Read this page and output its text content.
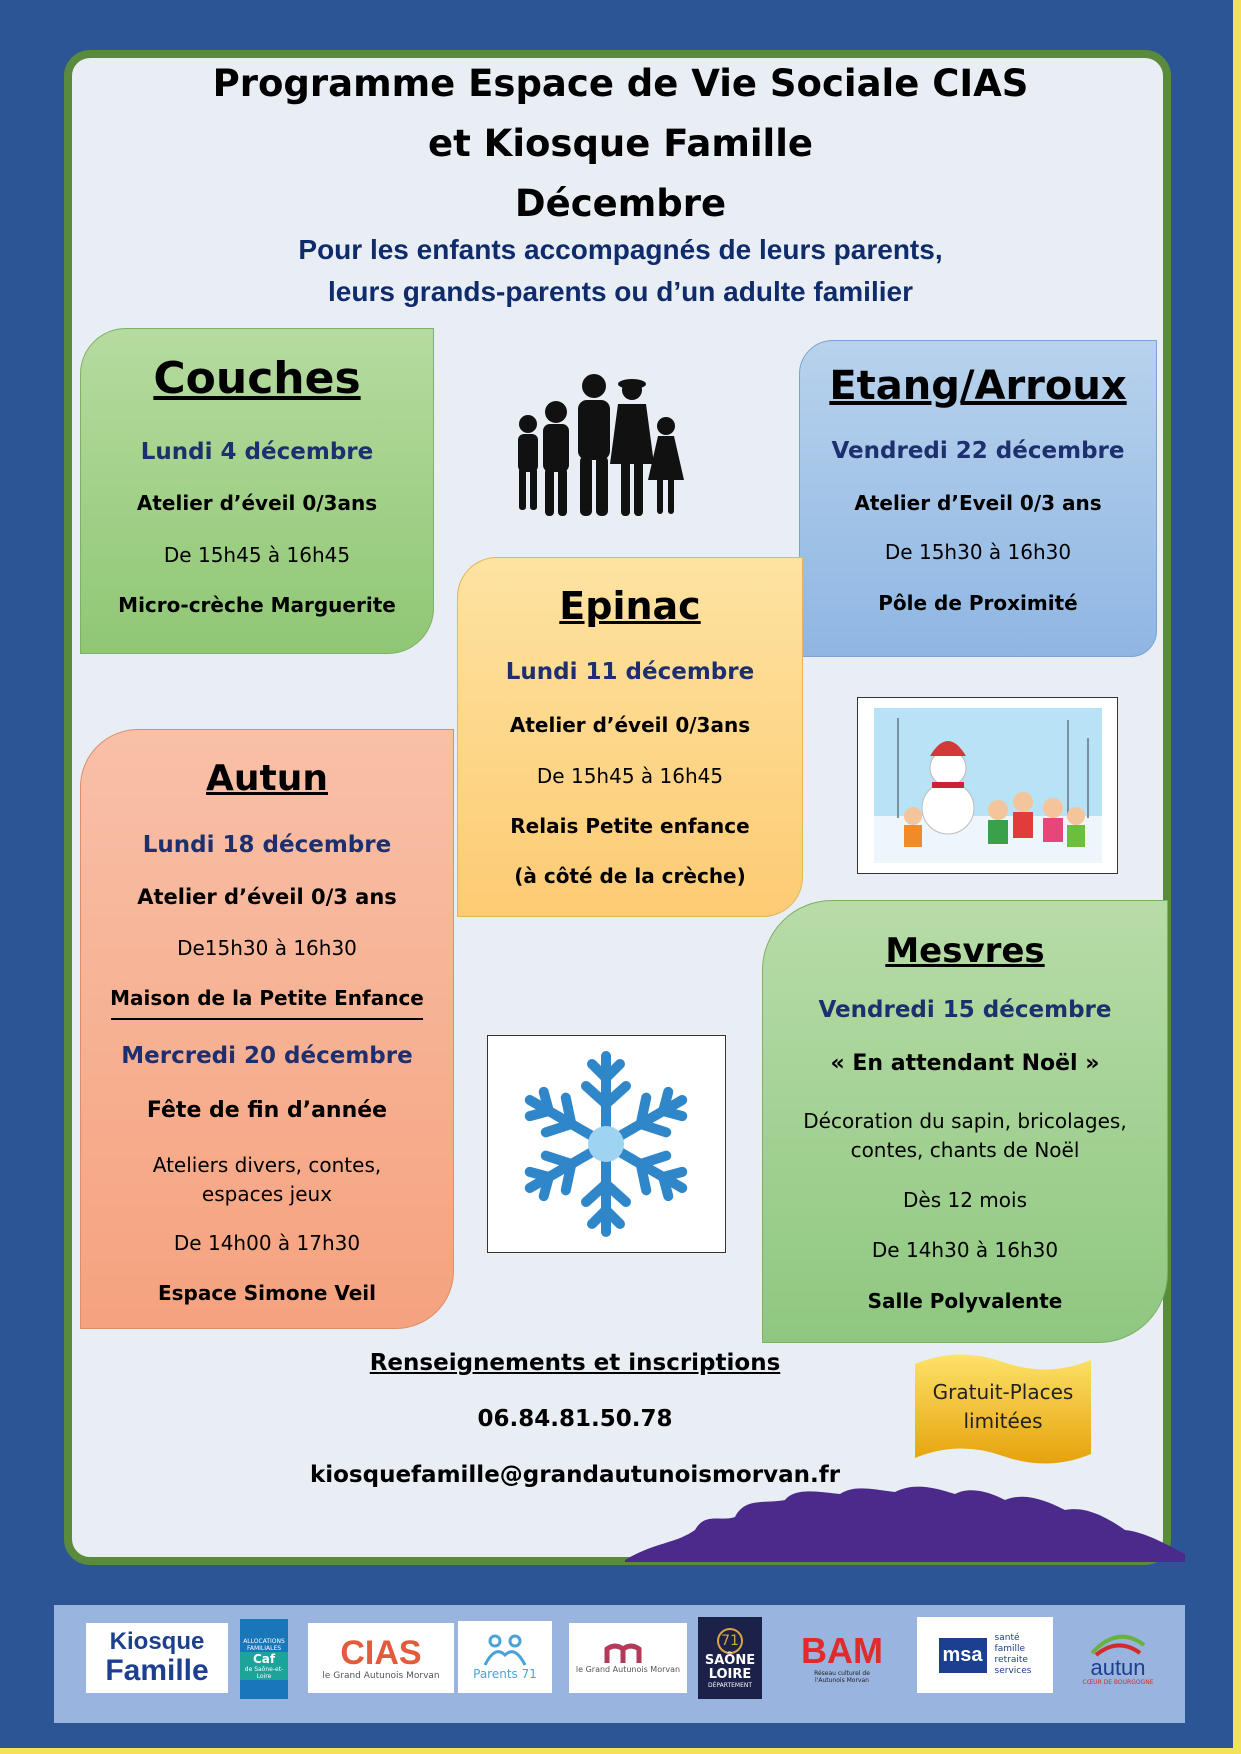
Programme Espace de Vie Sociale CIAS
et Kiosque Famille
Décembre
Pour les enfants accompagnés de leurs parents,
leurs grands-parents ou d’un adulte familier
Couches
Lundi 4 décembre
Atelier d’éveil 0/3ans
De 15h45 à 16h45
Micro-crèche Marguerite
Etang/Arroux
Vendredi 22 décembre
Atelier d’Eveil 0/3 ans
De 15h30 à 16h30
Pôle de Proximité
Epinac
Lundi 11 décembre
Atelier d’éveil 0/3ans
De 15h45 à 16h45
Relais Petite enfance
(à côté de la crèche)
Autun
Lundi 18 décembre
Atelier d’éveil 0/3 ans
De15h30 à 16h30
Maison de la Petite Enfance
Mercredi 20 décembre
Fête de fin d’année
Ateliers divers, contes,
espaces jeux
De 14h00 à 17h30
Espace Simone Veil
Mesvres
Vendredi 15 décembre
« En attendant Noël »
Décoration du sapin, bricolages,
contes, chants de Noël
Dès 12 mois
De 14h30 à 16h30
Salle Polyvalente
Renseignements et inscriptions
06.84.81.50.78
kiosquefamille@grandautunoismorvan.fr
Gratuit-Places
limitées
Kiosque
Famille
ALLOCATIONS FAMILIALES
Caf
de Saône-et-Loire
CIAS
le Grand Autunois Morvan	Parents 71	le Grand Autunois Morvan
71
SAÔNE
LOIRE
DÉPARTEMENT
BAM
Réseau culturel de l'Autunois Morvan
msa
santé
famille
retraite
services	autun
CŒUR DE BOURGOGNE
